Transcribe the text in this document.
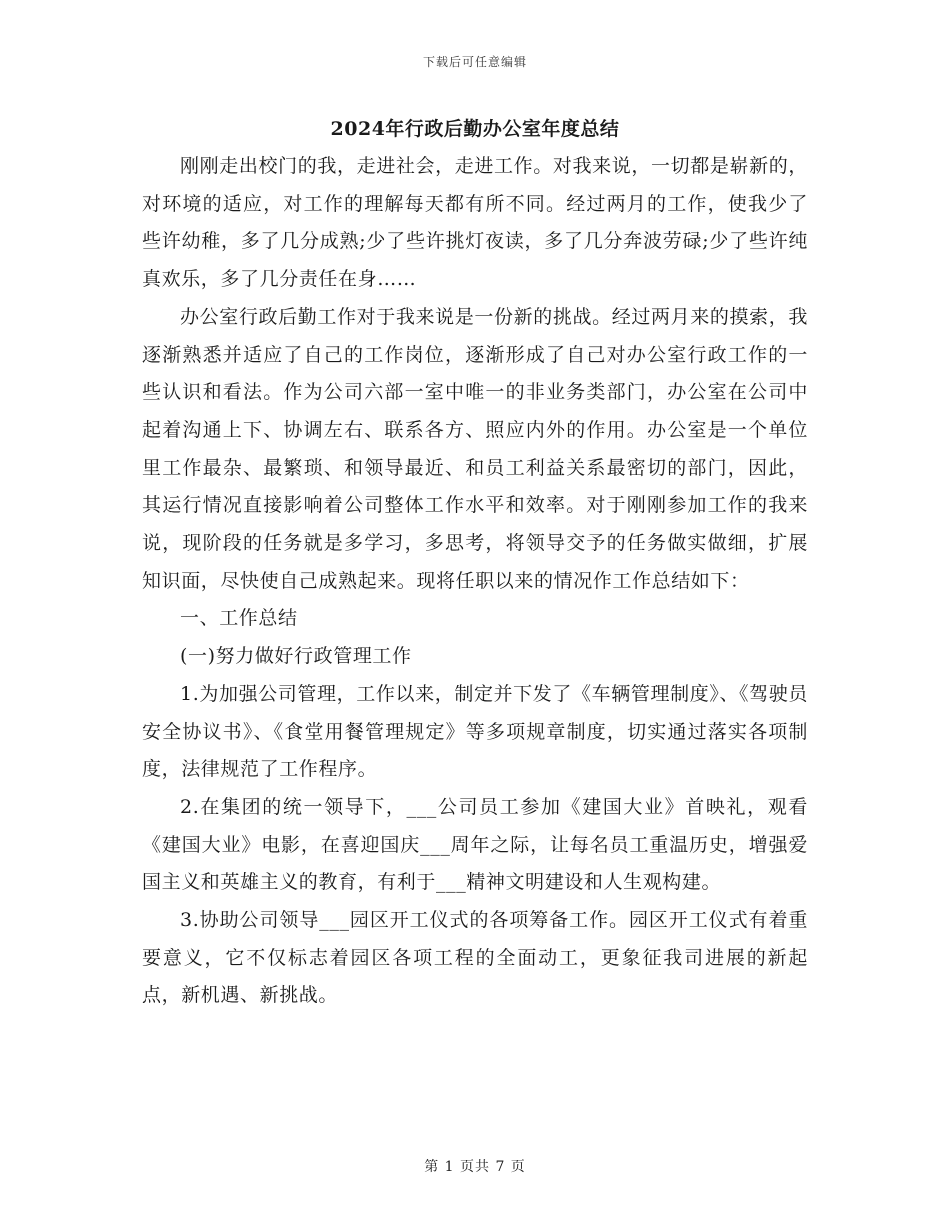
下载后可任意编辑
2024年行政后勤办公室年度总结

刚刚走出校门的我，走进社会，走进工作。对我来说，一切都是崭新的，对环境的适应，对工作的理解每天都有所不同。经过两月的工作，使我少了些许幼稚，多了几分成熟;少了些许挑灯夜读，多了几分奔波劳碌;少了些许纯真欢乐，多了几分责任在身……

办公室行政后勤工作对于我来说是一份新的挑战。经过两月来的摸索，我逐渐熟悉并适应了自己的工作岗位，逐渐形成了自己对办公室行政工作的一些认识和看法。作为公司六部一室中唯一的非业务类部门，办公室在公司中起着沟通上下、协调左右、联系各方、照应内外的作用。办公室是一个单位里工作最杂、最繁琐、和领导最近、和员工利益关系最密切的部门，因此，其运行情况直接影响着公司整体工作水平和效率。对于刚刚参加工作的我来说，现阶段的任务就是多学习，多思考，将领导交予的任务做实做细，扩展知识面，尽快使自己成熟起来。现将任职以来的情况作工作总结如下：

一、工作总结

(一)努力做好行政管理工作

1.为加强公司管理，工作以来，制定并下发了《车辆管理制度》、《驾驶员安全协议书》、《食堂用餐管理规定》等多项规章制度，切实通过落实各项制度，法律规范了工作程序。

2.在集团的统一领导下，___公司员工参加《建国大业》首映礼，观看《建国大业》电影，在喜迎国庆___周年之际，让每名员工重温历史，增强爱国主义和英雄主义的教育，有利于___精神文明建设和人生观构建。

3.协助公司领导___园区开工仪式的各项筹备工作。园区开工仪式有着重要意义，它不仅标志着园区各项工程的全面动工，更象征我司进展的新起点，新机遇、新挑战。

第 1 页共 7 页
